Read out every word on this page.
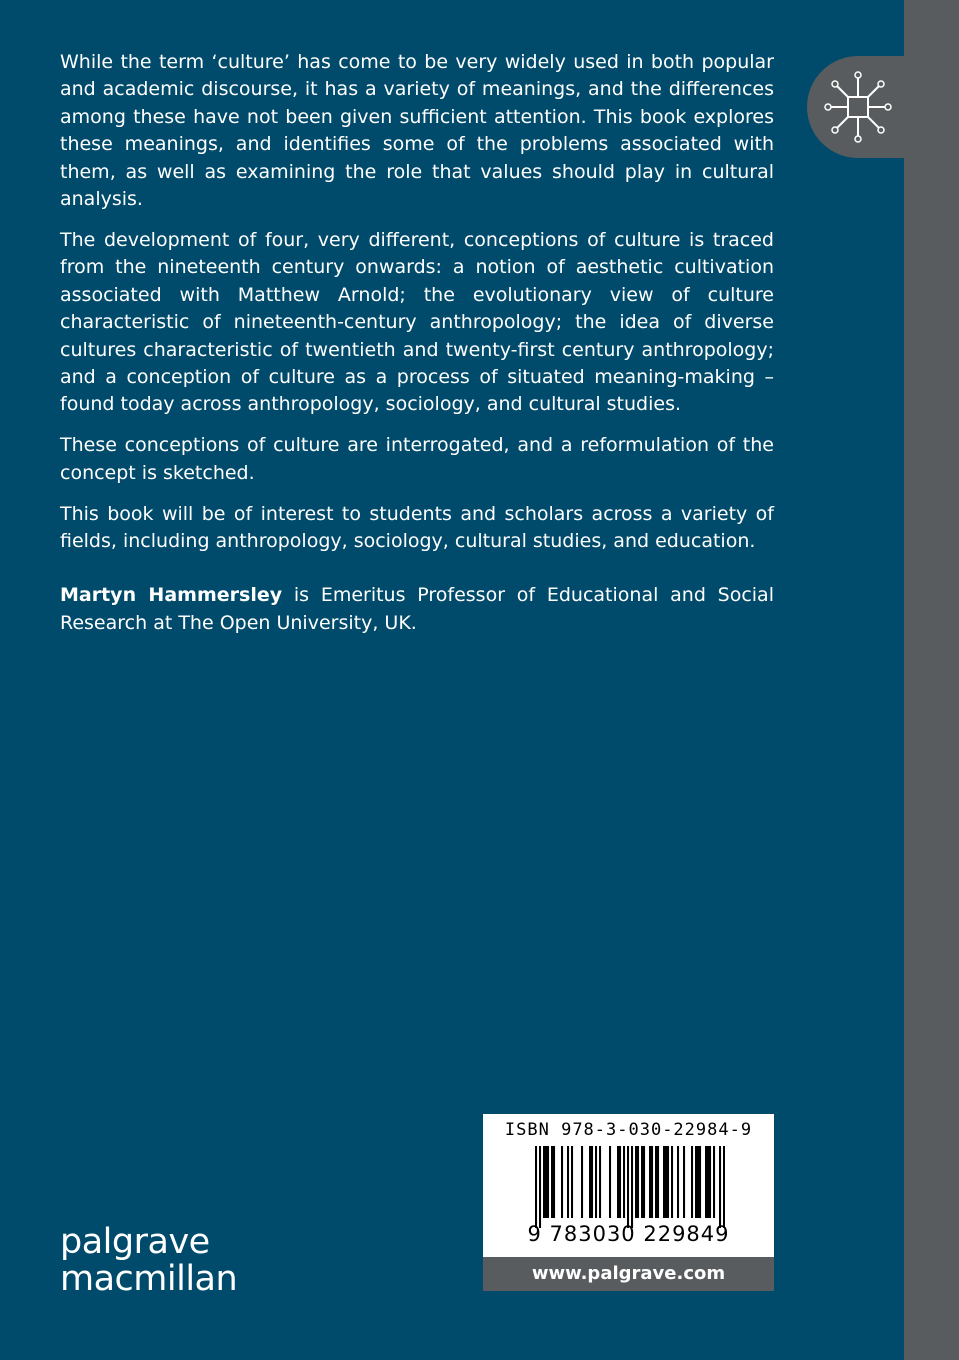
While the term ‘culture’ has come to be very widely used in both popular and academic discourse, it has a variety of meanings, and the differences among these have not been given sufficient attention. This book explores these meanings, and identifies some of the problems associated with them, as well as examining the role that values should play in cultural analysis.

The development of four, very different, conceptions of culture is traced from the nineteenth century onwards: a notion of aesthetic cultivation associated with Matthew Arnold; the evolutionary view of culture characteristic of nineteenth-century anthropology; the idea of diverse cultures characteristic of twentieth and twenty-first century anthropology; and a conception of culture as a process of situated meaning-making – found today across anthropology, sociology, and cultural studies.

These conceptions of culture are interrogated, and a reformulation of the concept is sketched.

This book will be of interest to students and scholars across a variety of fields, including anthropology, sociology, cultural studies, and education.

Martyn Hammersley is Emeritus Professor of Educational and Social Research at The Open University, UK.

palgrave
macmillan
ISBN 978-3-030-22984-9
9 783030 229849
www.palgrave.com
